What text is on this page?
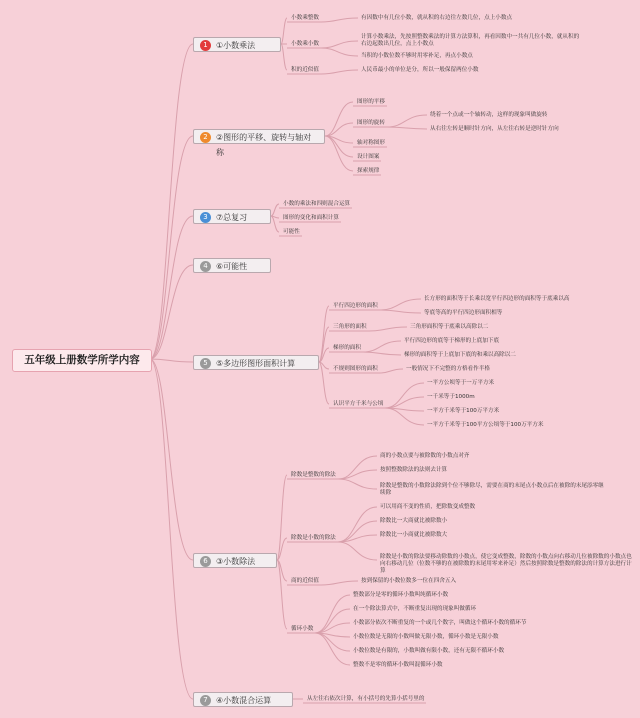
五年级上册数学所学内容
1	①小数乘法
小数乘整数	有因数中有几位小数，就从积的右边往左数几位，点上小数点
小数乘小数
计算小数乘法，先按照整数乘法的计算方法算积，再看因数中一共有几位小数，就从积的右边起数出几位，点上小数点
当积的小数位数不够时用零补足，再点小数点
积的近似值	人民币最小的单位是分，所以一般保留两位小数
2	②图形的平移、旋转与轴对称
图形的平移
图形的旋转
绕着一个点或一个轴转动，这样的现象叫做旋转
从右往左转是顺时针方向，从左往右转是逆时针方向
轴对称图形
设计图案
探索规律
3	⑦总复习
小数的乘法和四则混合运算
图形的变化和面积计算
可能性
4	⑥可能性
5	⑤多边形图形面积计算
平行四边形的面积
长方形的面积等于长乘以宽平行四边形的面积等于底乘以高
等底等高的平行四边形面积相等
三角形的面积	三角形面积等于底乘以高除以二
梯形的面积
平行四边形的底等于梯形的上底加下底
梯形的面积等于上底加下底的和乘以高除以二
不规则图形的面积	一般情况下不完整的方格看作半格
认识平方千米与公顷
一平方公顷等于一万平方米
一千米等于1000m
一平方千米等于100万平方米
一平方千米等于100平方公顷等于100万平方米
6	③小数除法
除数是整数的除法
商的小数点要与被除数的小数点对齐
按照整数除法的法则去计算
除数是整数的小数除法除到个位不够除尽，需要在商的末尾点小数点后在被除的末尾添零继续除
除数是小数的除法
可以用商不变的性质，把除数变成整数
除数比一大商就比被除数小
除数比一小商就比被除数大
除数是小数的除法要移动除数的小数点，使它变成整数，除数的小数点向右移动几位被除数的小数点也向右移动几位（位数不够的在被除数的末尾用零来补足）然后按照除数是整数的除法的计算方法进行计算
商的近似值	按到保留的小数位数多一位在四舍五入
循环小数
整数部分是零的循环小数叫纯循环小数
在一个除法算式中，不断重复出现的现象叫做循环
小数部分依次不断重复的一个或几个数字，叫做这个循环小数的循环节
小数位数是无限的小数叫做无限小数，循环小数是无限小数
小数位数是有限的，小数叫做有限小数，还有无限不循环小数
整数不是零的循环小数叫混循环小数
7	④小数混合运算	从左往右依次计算，有小括号的先算小括号里的
